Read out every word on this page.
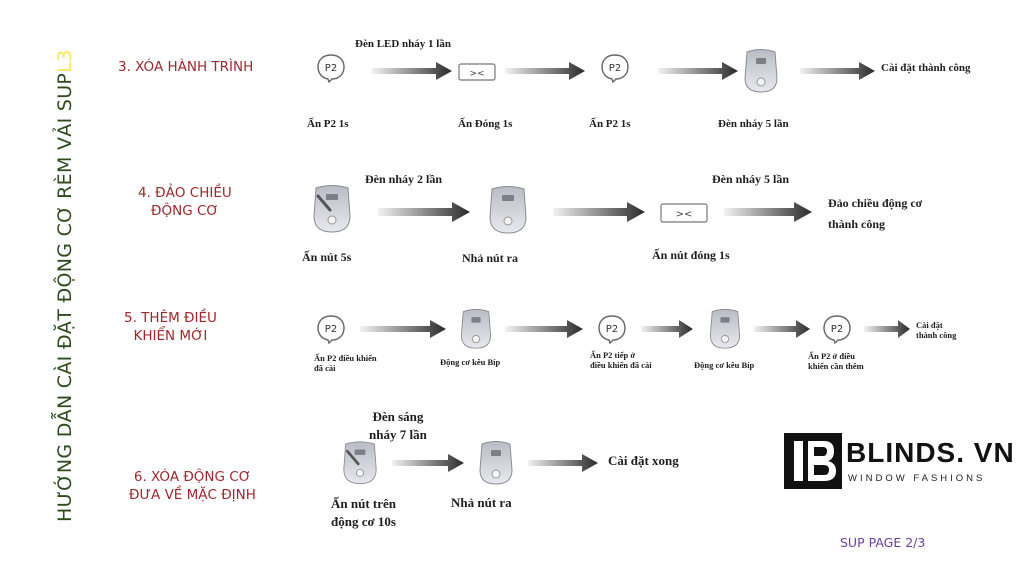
HƯỚNG DẪN CÀI ĐẶT ĐỘNG CƠ RÈM VẢI SUPL3	3. XÓA HÀNH TRÌNH
Đèn LED nháy 1 lần
P2	><	P2	Cài đặt thành công
Ấn P2 1s	Ấn Đóng 1s	Ấn P2 1s	Đèn nháy 5 lần
4. ĐẢO CHIỀU
ĐỘNG CƠ
Đèn nháy 2 lần	Đèn nháy 5 lần
><
Đảo chiều động cơ
thành công
Ấn nút 5s	Nhả nút ra	Ấn nút đóng 1s
5. THÊM ĐIỀU
KHIỂN MỚI	P2	P2	P2	Cài đặt
thành công
Ấn P2 điều khiển
đã cài
Động cơ kêu Bíp
Ấn P2 tiếp ở
điều khiển đã cài	Động cơ kêu Bíp
Ấn P2 ở điều
khiển cần thêm
6. XÓA ĐỘNG CƠ
ĐƯA VỀ MẶC ĐỊNH
Đèn sáng
nháy 7 lần
Cài đặt xong
Ấn nút trên
động cơ 10s
Nhả nút ra
BLINDS. VN
WINDOW FASHIONS
SUP PAGE 2/3
